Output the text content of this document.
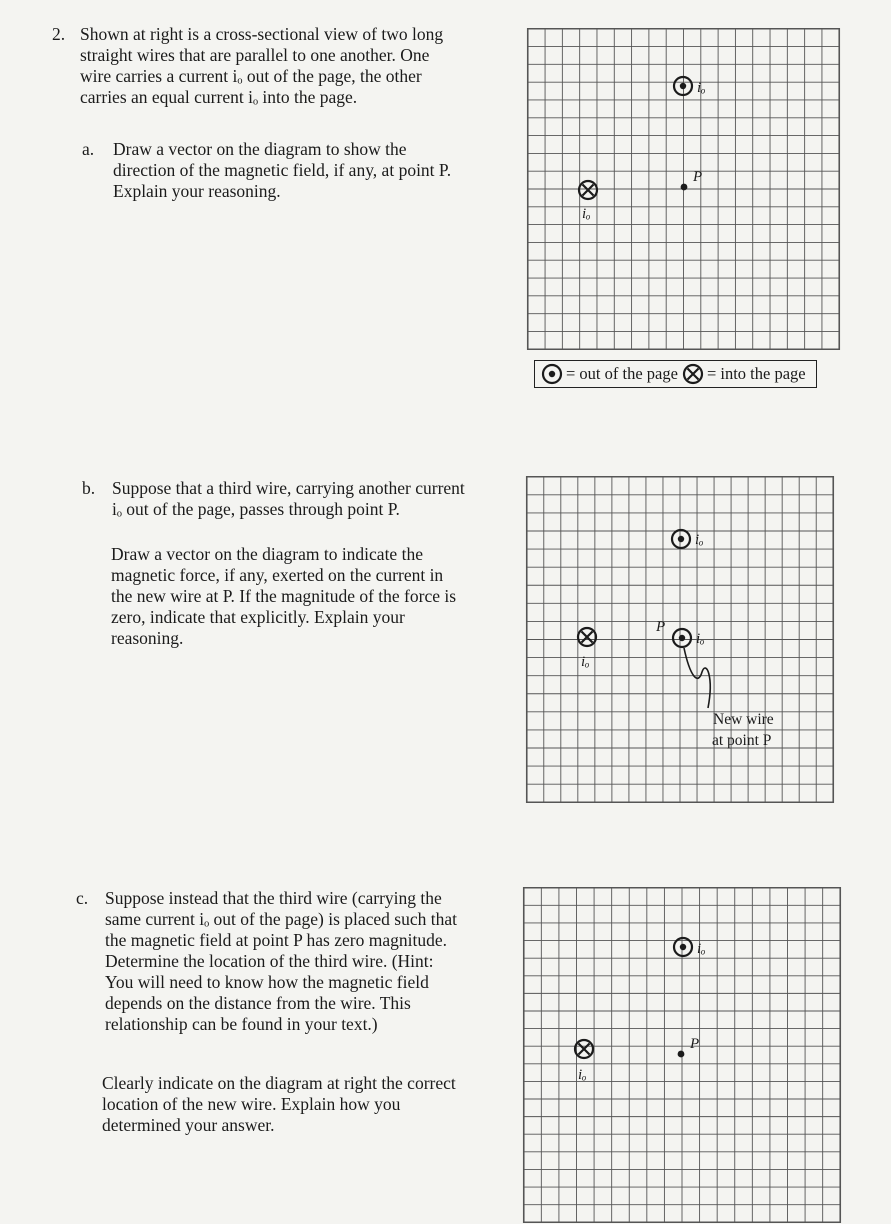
2. Shown at right is a cross-sectional view of two long
straight wires that are parallel to one another. One
wire carries a current iₒ out of the page, the other
carries an equal current iₒ into the page.
a. Draw a vector on the diagram to show the
direction of the magnetic field, if any, at point P.
Explain your reasoning.
b. Suppose that a third wire, carrying another current
iₒ out of the page, passes through point P.
Draw a vector on the diagram to indicate the
magnetic force, if any, exerted on the current in
the new wire at P. If the magnitude of the force is
zero, indicate that explicitly. Explain your
reasoning.
c. Suppose instead that the third wire (carrying the
same current iₒ out of the page) is placed such that
the magnetic field at point P has zero magnitude.
Determine the location of the third wire. (Hint:
You will need to know how the magnetic field
depends on the distance from the wire. This
relationship can be found in your text.)
Clearly indicate on the diagram at right the correct
location of the new wire. Explain how you
determined your answer.
iₒ
iₒ
P
= out of the page = into the page
iₒ
iₒ
P
iₒ
New wire
at point P
iₒ
iₒ
P
